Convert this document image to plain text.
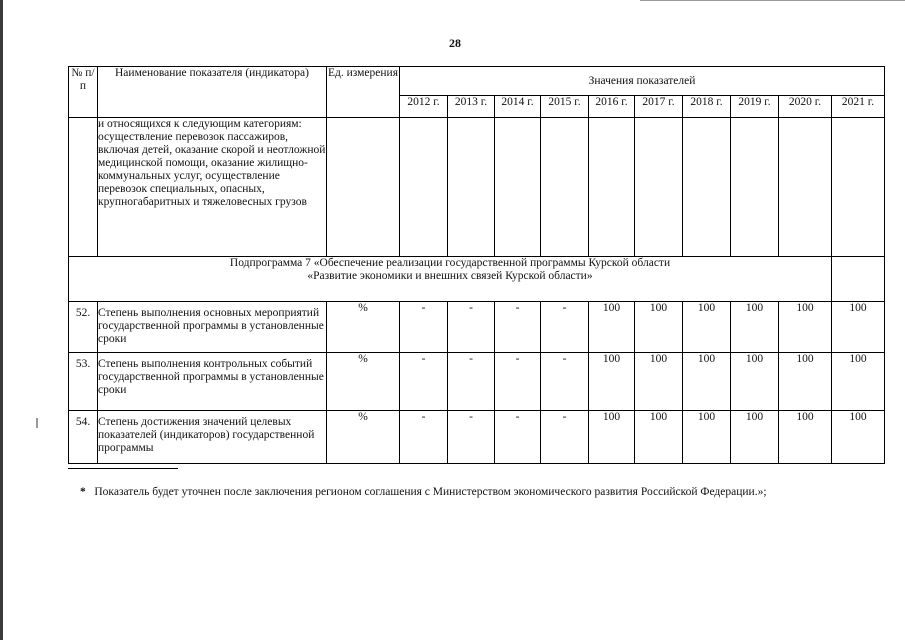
28
№ п/п	Наименование показателя (индикатора)	Ед. измерения	Значения показателей									
			2012 г.	2013 г.	2014 г.	2015 г.	2016 г.	2017 г.	2018 г.	2019 г.	2020 г.	2021 г.
	и относящихся к следующим категориям: осуществление перевозок пассажиров, включая детей, оказание скорой и неотложной медицинской помощи, оказание жилищно-коммунальных услуг, осуществление перевозок специальных, опасных, крупногабаритных и тяжеловесных грузов											

Подпрограмма 7 «Обеспечение реализации государственной программы Курской области
«Развитие экономики и внешних связей Курской области»												

52.	Степень выполнения основных мероприятий государственной программы в установленные сроки	%	-	-	-	-	100	100	100	100	100	100
53.	Степень выполнения контрольных событий государственной программы в установленные сроки	%	-	-	-	-	100	100	100	100	100	100
54.	Степень достижения значений целевых показателей (индикаторов) государственной программы	%	-	-	-	-	100	100	100	100	100	100
* Показатель будет уточнен после заключения регионом соглашения с Министерством экономического развития Российской Федерации.»;
